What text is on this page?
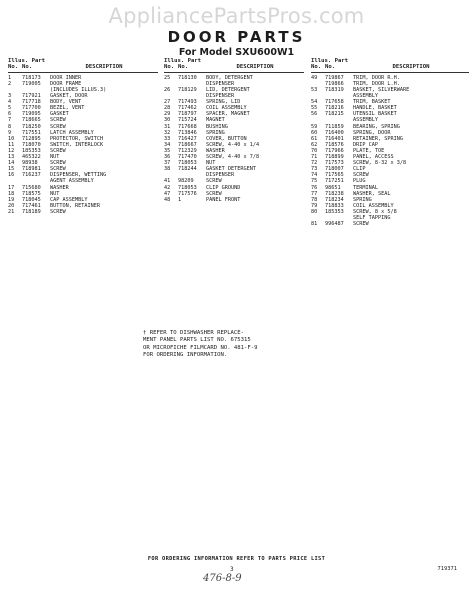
AppliancePartsPros.com
DOOR PARTS
For Model SXU600W1
Illus. Part
No. No.	DESCRIPTION
1	718173	DOOR INNER
2	719005	DOOR FRAME
(INCLUDES ILLUS.3)
3	717921	GASKET, DOOR
4	717718	BODY, VENT
5	717700	BEZEL, VENT
6	719095	GASKET
7	718665	SCREW
8	718250	SCREW
9	717551	LATCH ASSEMBLY
10	712895	PROTECTOR, SWITCH
11	718070	SWITCH, INTERLOCK
12	185353	SCREW
13	465322	NUT
14	98938	SCREW
15	718981	SCREW
16	716237	DISPENSER, WETTING
AGENT ASSEMBLY
17	715680	WASHER
18	718575	NUT
19	718045	CAP ASSEMBLY
20	717461	BUTTON, RETAINER
21	718189	SCREW
Illus. Part
No. No.	DESCRIPTION
25	718130	BODY, DETERGENT
DISPENSER
26	718129	LID, DETERGENT
DISPENSER
27	717493	SPRING, LID
28	717462	COIL ASSEMBLY
29	718797	SPACER, MAGNET
30	715724	MAGNET
31	717668	BUSHING
32	713846	SPRING
33	716427	COVER, BUTTON
34	718667	SCREW, 4-40 x 1/4
35	712329	WASHER
36	717470	SCREW, 4-40 x 7/8
37	718053	NUT
38	718244	GASKET DETERGENT
DISPENSER
41	98209	SCREW
42	718053	CLIP GROUND
47	717576	SCREW
48	1	PANEL FRONT
Illus. Part
No. No.	DESCRIPTION
49	719867	TRIM, DOOR R.H.
719866	TRIM, DOOR L.H.
53	718319	BASKET, SILVERWARE
ASSEMBLY
54	717658	TRIM, BASKET
55	718216	HANDLE, BASKET
56	718215	UTENSIL BASKET
ASSEMBLY
59	711859	BEARING, SPRING
60	716400	SPRING, DOOR
61	716401	RETAINER, SPRING
62	718576	DRIP CAP
70	717966	PLATE, TOE
71	718899	PANEL, ACCESS
72	717573	SCREW, 8-32 x 3/8
73	718007	CLIP
74	717565	SCREW
75	717251	PLUG
76	98651	TERMINAL
77	718238	WASHER, SEAL
78	718234	SPRING
79	718833	COIL ASSEMBLY
80	185353	SCREW, 8 x 5/8
SELF TAPPING
81	996487	SCREW
† REFER TO DISHWASHER REPLACE-
MENT PANEL PARTS LIST NO. 675315
OR MICROFICHE FILMCARD NO. 481-F-9
FOR ORDERING INFORMATION.
FOR ORDERING INFORMATION REFER TO PARTS PRICE LIST
3	719371
476-8-9
